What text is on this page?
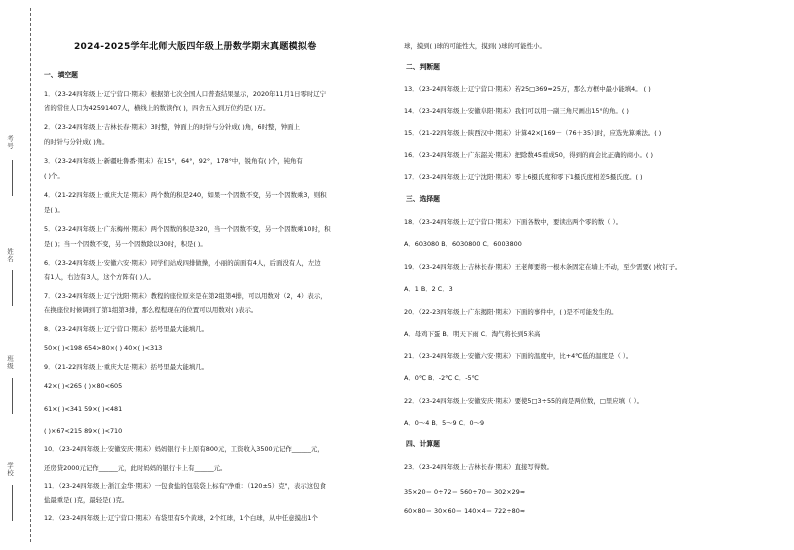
考号
姓名
班级
学校
2024-2025学年北师大版四年级上册数学期末真题模拟卷
一、填空题
1．（23-24四年级上·辽宁营口·期末）根据第七次全国人口普查结果显示，2020年11月1日零时辽宁
省的常住人口为42591407人，横线上的数读作( )，四舍五入到万位约是( )万。
2．（23-24四年级上·吉林长春·期末）3时整，钟面上的时针与分针成( )角，6时整，钟面上
的时针与分针成( )角。
3．（23-24四年级上·新疆吐鲁番·期末）在15°，64°，92°，178°中，锐角有( )个，钝角有
( )个。
4．（21-22四年级上·重庆大足·期末）两个数的积是240，如果一个因数不变，另一个因数乘3，则积
是( )。
5．（23-24四年级上·广东梅州·期末）两个因数的积是320，当一个因数不变，另一个因数乘10时，积
是( )；当一个因数不变，另一个因数除以30时，积是( )。
6．（23-24四年级上·安徽六安·期末）同学们站成四排做操，小丽的前面有4人，后面没有人，左边
有1人，右边有3人，这个方阵有( )人。
7．（23-24四年级上·辽宁沈阳·期末）教程的座位原来是在第2组第4排，可以用数对（2，4）表示，
在换座位时候调到了第1组第3排，那么程程现在的位置可以用数对( )表示。
8．（23-24四年级上·辽宁营口·期末）括号里最大能填几。
50×( )<198 654>80×( ) 40×( )<313
9．（21-22四年级上·重庆大足·期末）括号里最大能填几。
42×( )<265 ( )×80<605
61×( )<341 59×( )<481
( )×67<215 89×( )<710
10．（23-24四年级上·安徽安庆·期末）妈妈银行卡上原有800元，工资收入3500元记作______元，
还房贷2000元记作______元，此时妈妈的银行卡上有______元。
11．（23-24四年级上·浙江金华·期末）一包食盐的包装袋上标有"净重：（120±5）克"，表示这包食
盐最重是( )克，最轻是( )克。
12．（23-24四年级上·辽宁营口·期末）布袋里有5个黄球，2个红球，1个白球，从中任意摸出1个
球，摸到( )球的可能性大，摸到( )球的可能性小。
二、判断题
13．（23-24四年级上·辽宁营口·期末）若25□369≈25万，那么方框中最小能填4。 ( )
14．（23-24四年级上·安徽阜阳·期末）我们可以用一副三角尺画出15°的角。( )
15．（21-22四年级上·陕西汉中·期末）计算42×[169－（76＋35）]时，应选先算乘法。( )
16．（23-24四年级上·广东韶关·期末）把除数45看成50，得到的商会比正确的商小。( )
17．（23-24四年级上·辽宁沈阳·期末）零上6摄氏度和零下1摄氏度相差5摄氏度。( )
三、选择题
18．（23-24四年级上·辽宁营口·期末）下面各数中，要读出两个零的数（ ）。
A．603080 B．6030800 C．6003800
19．（23-24四年级上·吉林长春·期末）王老师要将一根木条固定在墙上不动，至少需要( )枚钉子。
A．1 B．2 C．3
20．（22-23四年级上·广东揭阳·期末）下面的事件中，( )是不可能发生的。
A．母鸡下蛋 B．明天下雨 C．淘气将长到5米高
21．（23-24四年级上·安徽六安·期末）下面的温度中，比+4℃低的温度是（ ）。
A．0℃ B．-2℃ C．-5℃
22．（23-24四年级上·安徽安庆·期末）要使5□3÷55的商是两位数，□里应填（ ）。
A．0～4 B．5～9 C．0～9
四、计算题
23．（23-24四年级上·吉林长春·期末）直接写得数。
35×20＝ 0÷72＝ 560÷70＝ 302×29≈
60×80＝ 30×60＝ 140×4＝ 722÷80≈
